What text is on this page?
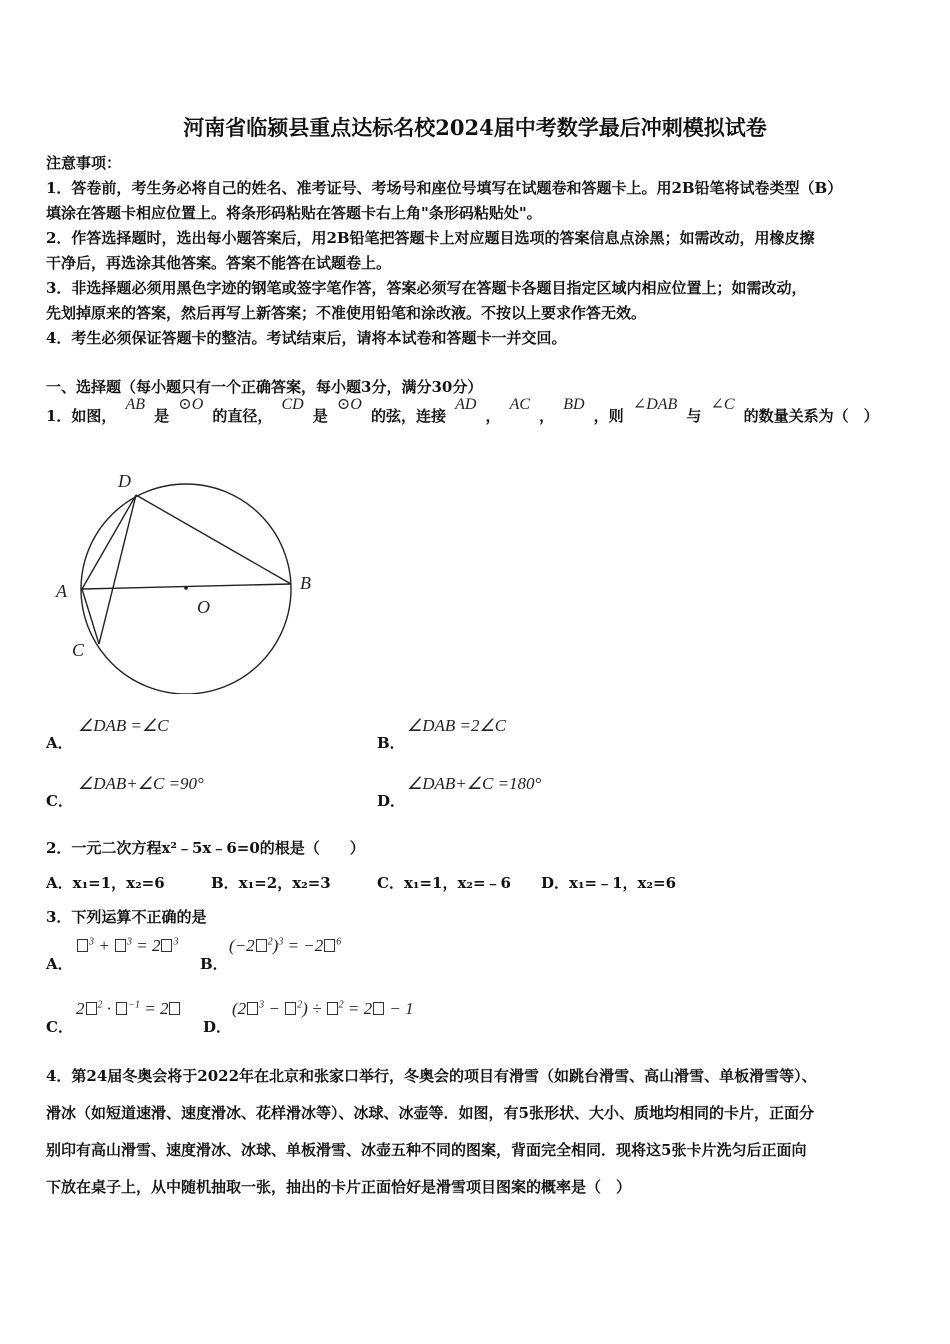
河南省临颍县重点达标名校2024届中考数学最后冲刺模拟试卷
注意事项：
1．答卷前，考生务必将自己的姓名、准考证号、考场号和座位号填写在试题卷和答题卡上。用2B铅笔将试卷类型（B）
填涂在答题卡相应位置上。将条形码粘贴在答题卡右上角"条形码粘贴处"。
2．作答选择题时，选出每小题答案后，用2B铅笔把答题卡上对应题目选项的答案信息点涂黑；如需改动，用橡皮擦
干净后，再选涂其他答案。答案不能答在试题卷上。
3．非选择题必须用黑色字迹的钢笔或签字笔作答，答案必须写在答题卡各题目指定区域内相应位置上；如需改动，
先划掉原来的答案，然后再写上新答案；不准使用铅笔和涂改液。不按以上要求作答无效。
4．考生必须保证答题卡的整洁。考试结束后，请将本试卷和答题卡一并交回。
一、选择题（每小题只有一个正确答案，每小题3分，满分30分）
1．如图， AB 是 ⊙O 的直径， CD 是 ⊙O 的弦，连接 AD ， AC ， BD ，则 ∠DAB 与 ∠C 的数量关系为（　）
D
A	B
O
C
A．
∠DAB =∠C
B．
∠DAB =2∠C
C．
∠DAB+∠C =90°
D．
∠DAB+∠C =180°
2．一元二次方程x²﹣5x﹣6=0的根是（　　）
A．x₁=1，x₂=6	B．x₁=2，x₂=3	C．x₁=1，x₂=﹣6 D．x₁=﹣1，x₂=6
3．下列运算不正确的是
A．
$^3$ + $^3$ = 2 $^3$
B．
(−2 $^2$)$^3$ = −2 $^6$
C．
2 $^2$ · $^{-1}$ = 2
D．
(2 $^3$ − $^2$) ÷ $^2$ = 2 − 1
4．第24届冬奥会将于2022年在北京和张家口举行，冬奥会的项目有滑雪（如跳台滑雪、高山滑雪、单板滑雪等）、
滑冰（如短道速滑、速度滑冰、花样滑冰等）、冰球、冰壶等．如图，有5张形状、大小、质地均相同的卡片，正面分
别印有高山滑雪、速度滑冰、冰球、单板滑雪、冰壶五种不同的图案，背面完全相同．现将这5张卡片洗匀后正面向
下放在桌子上，从中随机抽取一张，抽出的卡片正面恰好是滑雪项目图案的概率是（　）
